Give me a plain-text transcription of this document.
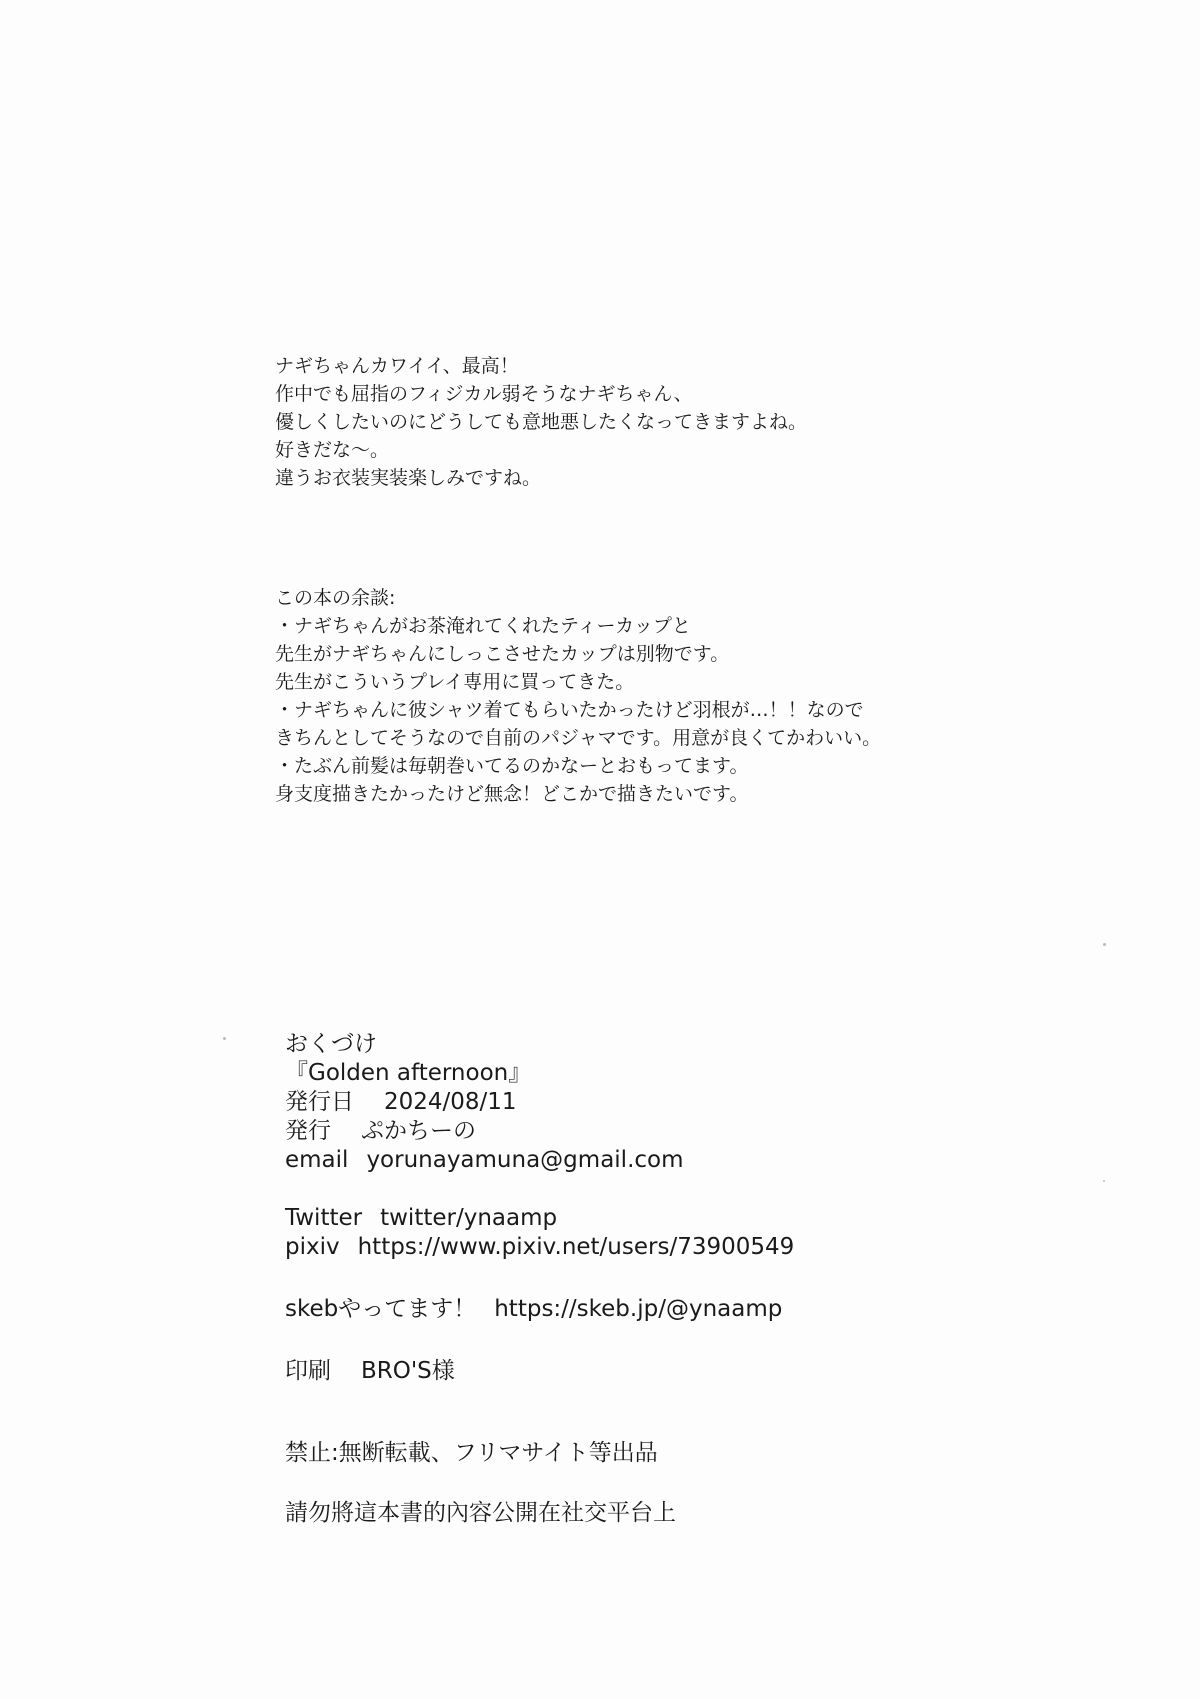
ナギちゃんカワイイ、最高！

作中でも屈指のフィジカル弱そうなナギちゃん、

優しくしたいのにどうしても意地悪したくなってきますよね。

好きだな〜。

違うお衣装実装楽しみですね。

この本の余談:

・ナギちゃんがお茶淹れてくれたティーカップと

先生がナギちゃんにしっこさせたカップは別物です。

先生がこういうプレイ専用に買ってきた。

・ナギちゃんに彼シャツ着てもらいたかったけど羽根が…！！なので

きちんとしてそうなので自前のパジャマです。用意が良くてかわいい。

・たぶん前髪は毎朝巻いてるのかなーとおもってます。

身支度描きたかったけど無念！どこかで描きたいです。

おくづけ

『Golden afternoon』

発行日 2024/08/11

発行 ぷかちーの

email yorunayamuna@gmail.com

Twitter twitter/ynaamp

pixiv https://www.pixiv.net/users/73900549

skebやってます！ https://skeb.jp/@ynaamp

印刷 BRO'S様

禁止:無断転載、フリマサイト等出品

請勿將這本書的內容公開在社交平台上
